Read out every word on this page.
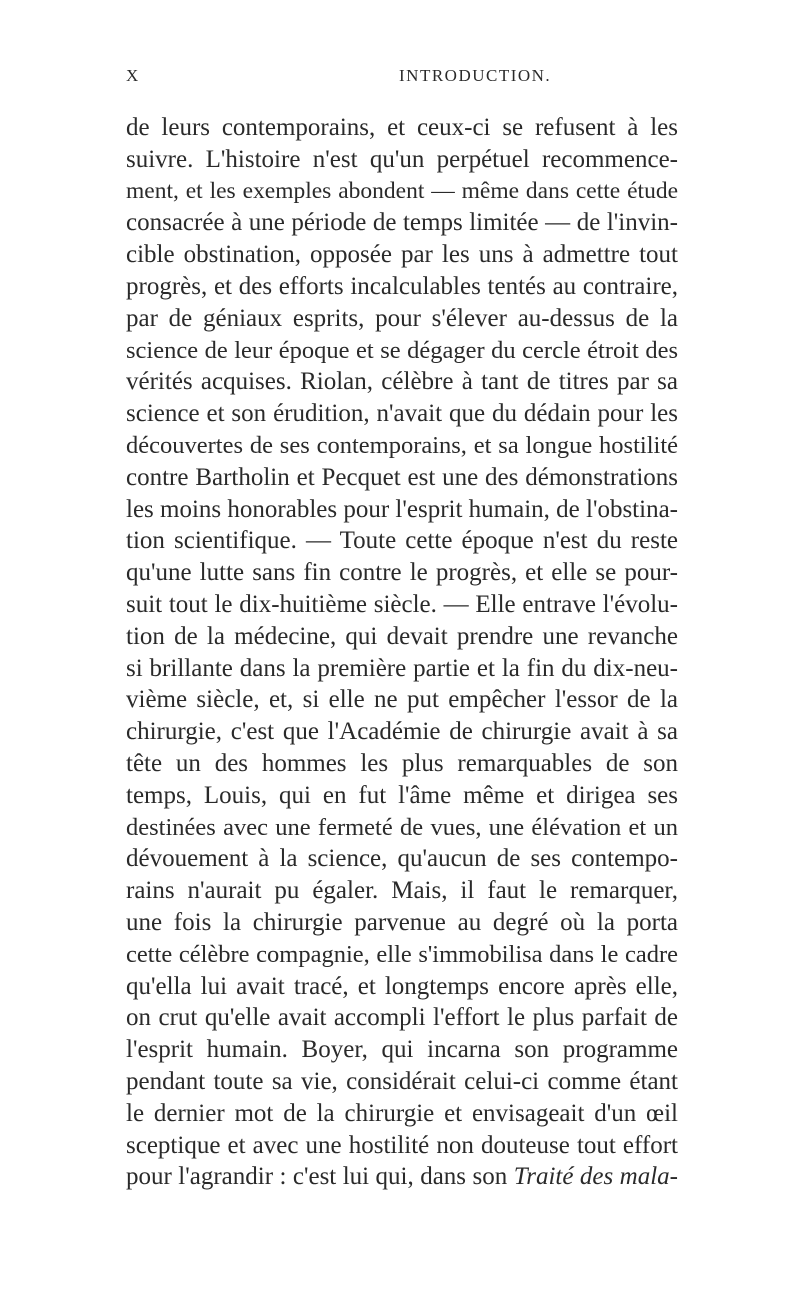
X	INTRODUCTION.
de leurs contemporains, et ceux-ci se refusent à les
suivre. L'histoire n'est qu'un perpétuel recommence-
ment, et les exemples abondent — même dans cette étude
consacrée à une période de temps limitée — de l'invin-
cible obstination, opposée par les uns à admettre tout
progrès, et des efforts incalculables tentés au contraire,
par de géniaux esprits, pour s'élever au-dessus de la
science de leur époque et se dégager du cercle étroit des
vérités acquises. Riolan, célèbre à tant de titres par sa
science et son érudition, n'avait que du dédain pour les
découvertes de ses contemporains, et sa longue hostilité
contre Bartholin et Pecquet est une des démonstrations
les moins honorables pour l'esprit humain, de l'obstina-
tion scientifique. — Toute cette époque n'est du reste
qu'une lutte sans fin contre le progrès, et elle se pour-
suit tout le dix-huitième siècle. — Elle entrave l'évolu-
tion de la médecine, qui devait prendre une revanche
si brillante dans la première partie et la fin du dix-neu-
vième siècle, et, si elle ne put empêcher l'essor de la
chirurgie, c'est que l'Académie de chirurgie avait à sa
tête un des hommes les plus remarquables de son
temps, Louis, qui en fut l'âme même et dirigea ses
destinées avec une fermeté de vues, une élévation et un
dévouement à la science, qu'aucun de ses contempo-
rains n'aurait pu égaler. Mais, il faut le remarquer,
une fois la chirurgie parvenue au degré où la porta
cette célèbre compagnie, elle s'immobilisa dans le cadre
qu'ella lui avait tracé, et longtemps encore après elle,
on crut qu'elle avait accompli l'effort le plus parfait de
l'esprit humain. Boyer, qui incarna son programme
pendant toute sa vie, considérait celui-ci comme étant
le dernier mot de la chirurgie et envisageait d'un œil
sceptique et avec une hostilité non douteuse tout effort
pour l'agrandir : c'est lui qui, dans son Traité des mala-
